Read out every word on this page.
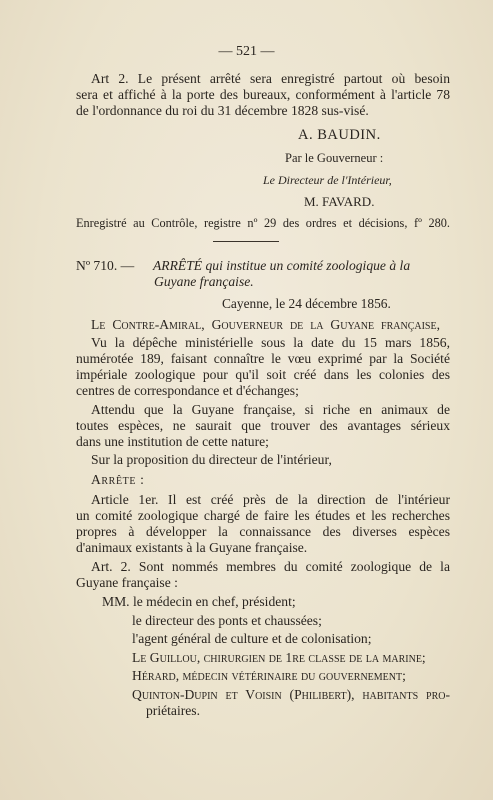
— 521 —
Art 2. Le présent arrêté sera enregistré partout où besoin
sera et affiché à la porte des bureaux, conformément à l'article 78
de l'ordonnance du roi du 31 décembre 1828 sus-visé.
A. BAUDIN.
Par le Gouverneur :
Le Directeur de l'Intérieur,
M. FAVARD.
Enregistré au Contrôle, registre nº 29 des ordres et décisions, fº 280.
Nº 710. — ARRÊTÉ qui institue un comité zoologique à la
Guyane française.
Cayenne, le 24 décembre 1856.
Le Contre-Amiral, Gouverneur de la Guyane française,
Vu la dépêche ministérielle sous la date du 15 mars 1856,
numérotée 189, faisant connaître le vœu exprimé par la Société
impériale zoologique pour qu'il soit créé dans les colonies des
centres de correspondance et d'échanges;
Attendu que la Guyane française, si riche en animaux de
toutes espèces, ne saurait que trouver des avantages sérieux
dans une institution de cette nature;
Sur la proposition du directeur de l'intérieur,
Arrête :
Article 1er. Il est créé près de la direction de l'intérieur
un comité zoologique chargé de faire les études et les recherches
propres à développer la connaissance des diverses espèces
d'animaux existants à la Guyane française.
Art. 2. Sont nommés membres du comité zoologique de la
Guyane française :
MM. le médecin en chef, président;
le directeur des ponts et chaussées;
l'agent général de culture et de colonisation;
Le Guillou, chirurgien de 1re classe de la marine;
Hérard, médecin vétérinaire du gouvernement;
Quinton-Dupin et Voisin (Philibert), habitants pro-
priétaires.
